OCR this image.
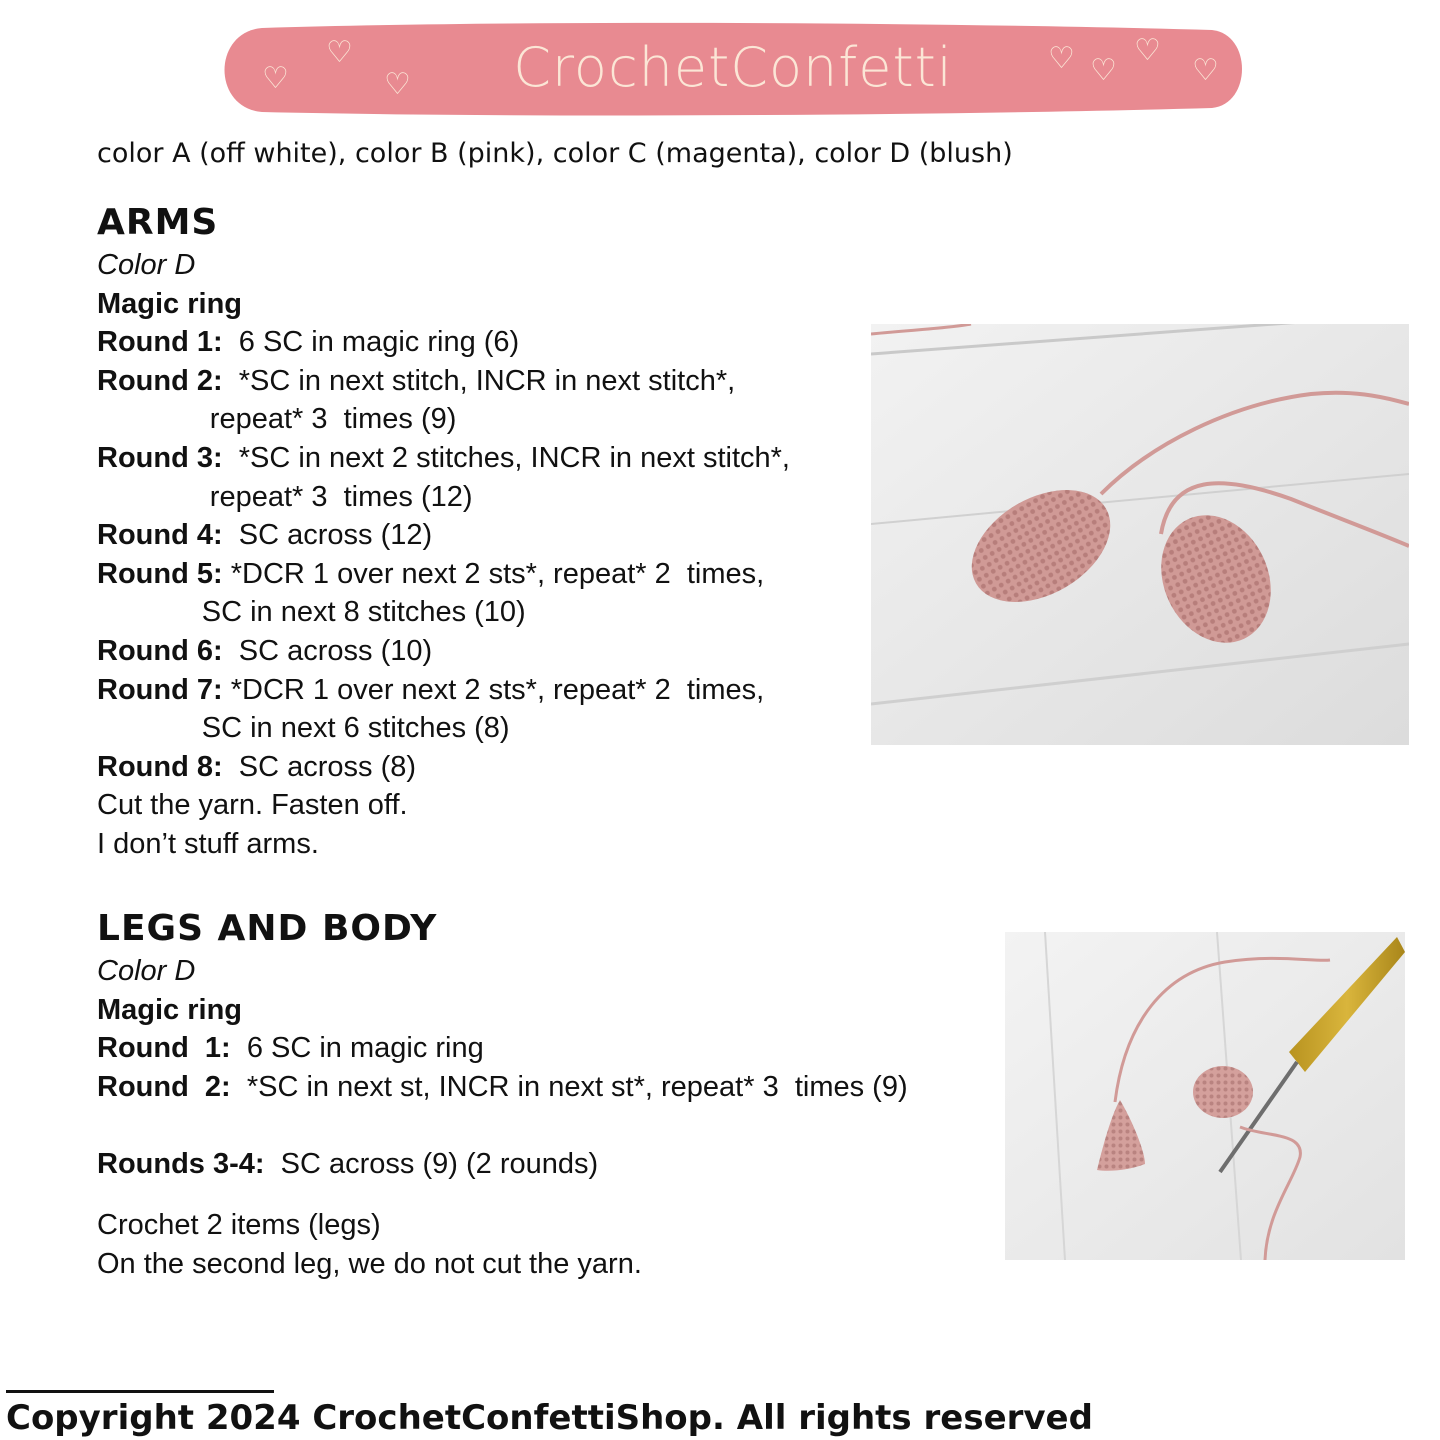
CrochetConfetti
♡
♡
♡
♡ ♡
♡
♡
color A (off white), color B (pink), color C (magenta), color D (blush)
ARMS
Color D
Magic ring
Round 1:  6 SC in magic ring (6)
Round 2:  *SC in next stitch, INCR in next stitch*,
repeat* 3  times (9)
Round 3:  *SC in next 2 stitches, INCR in next stitch*,
repeat* 3  times (12)
Round 4:  SC across (12)
Round 5: *DCR 1 over next 2 sts*, repeat* 2  times,
SC in next 8 stitches (10)
Round 6:  SC across (10)
Round 7: *DCR 1 over next 2 sts*, repeat* 2  times,
SC in next 6 stitches (8)
Round 8:  SC across (8)
Cut the yarn. Fasten off.
I don’t stuff arms.
LEGS AND BODY
Color D
Magic ring
Round  1:  6 SC in magic ring
Round  2:  *SC in next st, INCR in next st*, repeat* 3  times (9)
Rounds 3-4:  SC across (9) (2 rounds)
Crochet 2 items (legs)
On the second leg, we do not cut the yarn.
Copyright 2024 CrochetConfettiShop. All rights reserved
